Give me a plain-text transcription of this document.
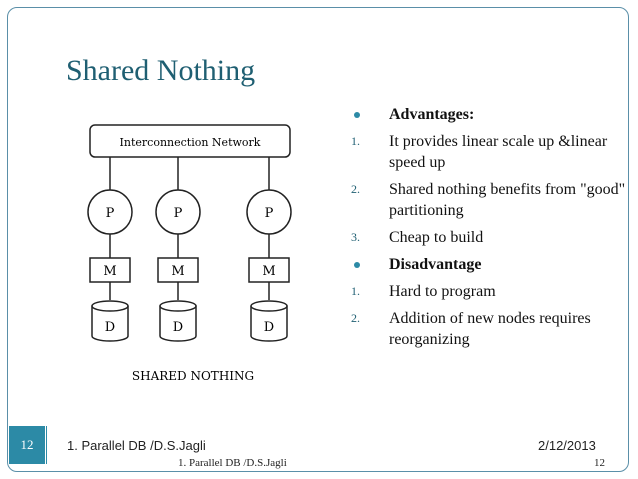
Shared Nothing
Interconnection Network
P
M
D
P
M
D
P
M
D
SHARED NOTHING
Advantages:
1. It provides linear scale up &linear speed up
2. Shared nothing benefits from "good" partitioning
3. Cheap to build
Disadvantage
1. Hard to program
2. Addition of new nodes requires reorganizing
12	1. Parallel DB /D.S.Jagli	2/12/2013
1. Parallel DB /D.S.Jagli	12
